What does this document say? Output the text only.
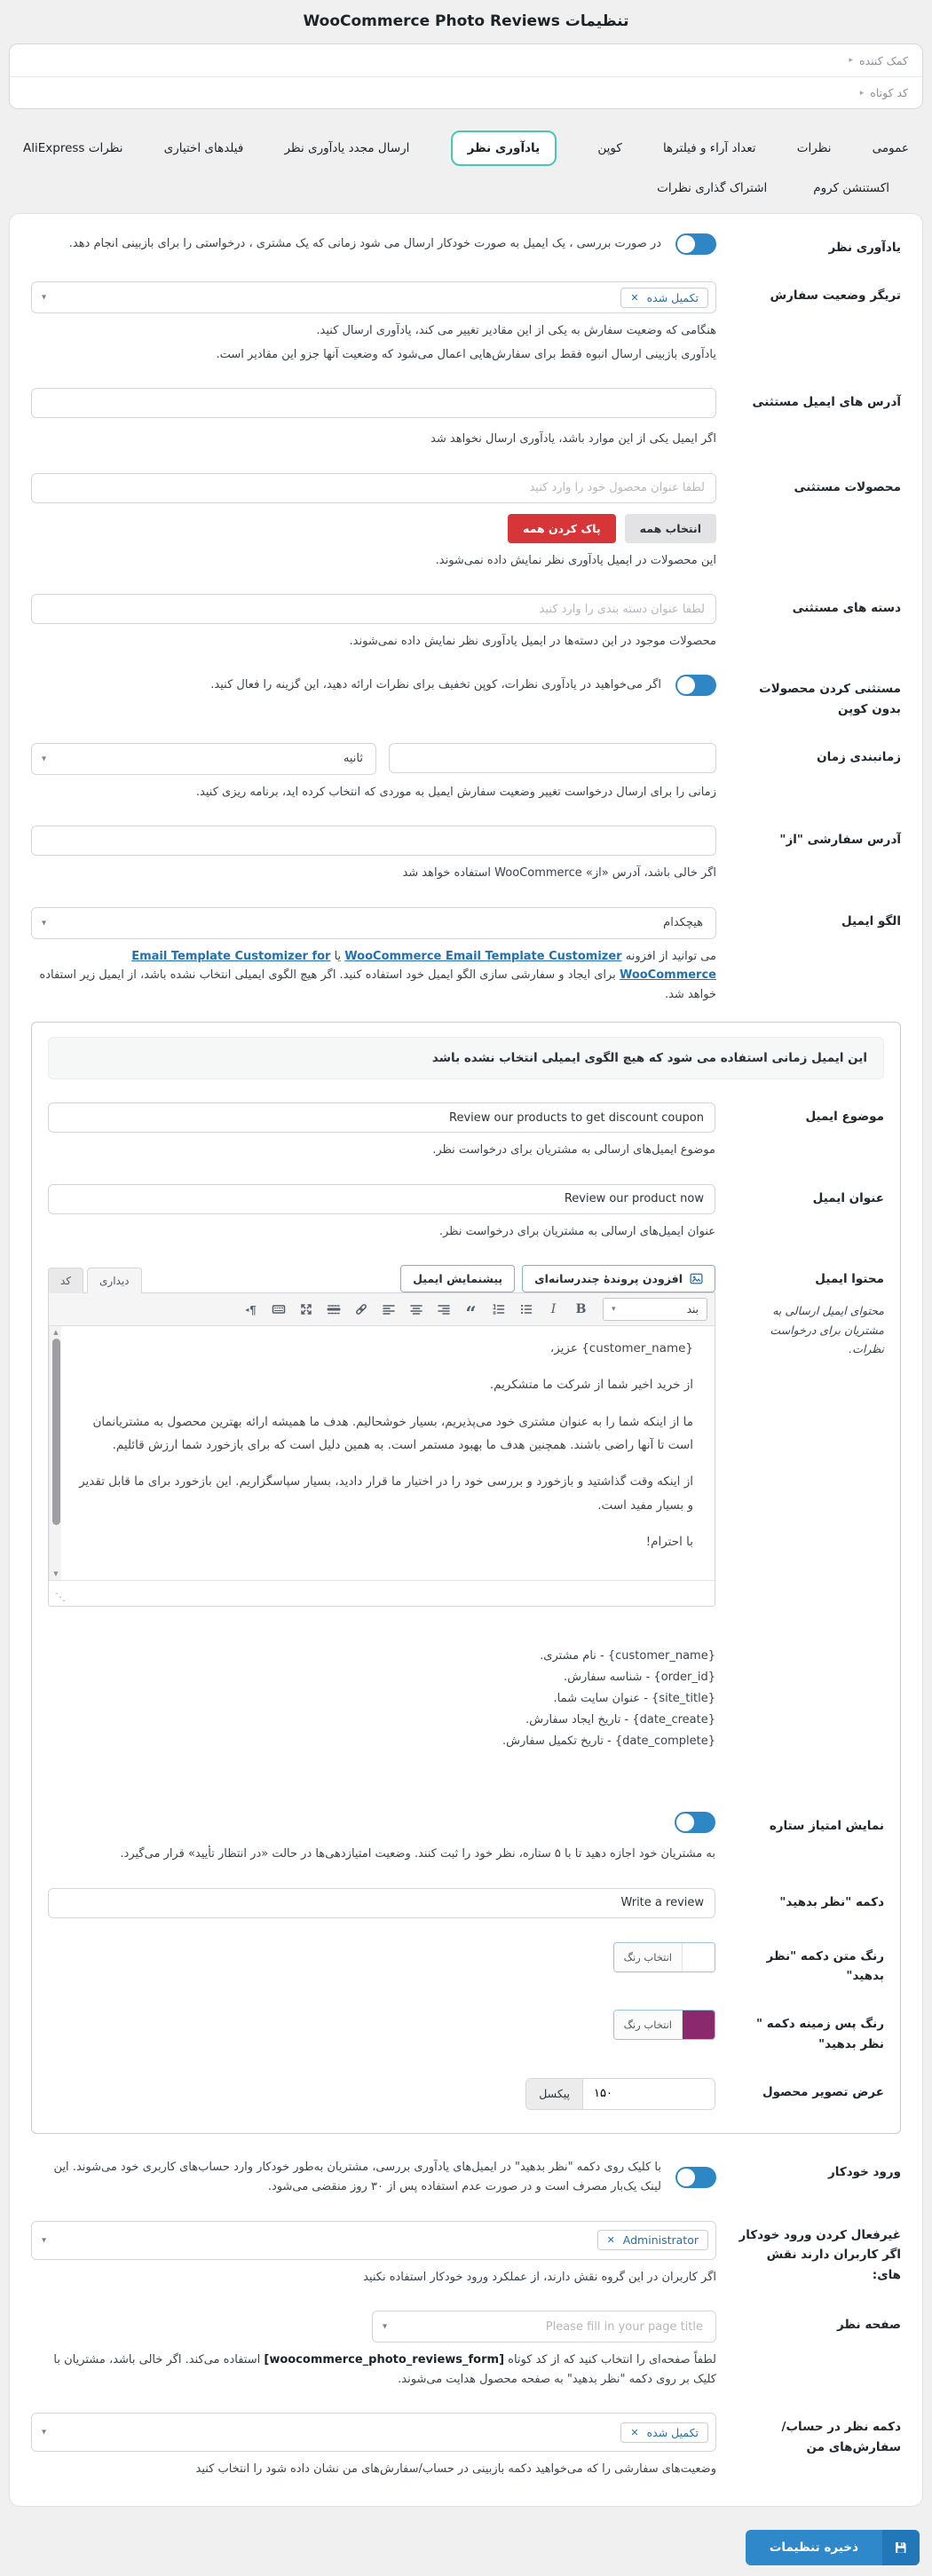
تنظیمات WooCommerce Photo Reviews
کمک کننده
▸
کد کوتاه
▸
عمومی
نظرات
تعداد آراء و فیلترها
کوپن
یادآوری نظر
ارسال مجدد یادآوری نظر
فیلدهای اختیاری
نظرات AliExpress
اکستنشن کروم
اشتراک گذاری نظرات
یادآوری نظر
در صورت بررسی ، یک ایمیل به صورت خودکار ارسال می شود زمانی که یک مشتری ، درخواستی را برای بازبینی انجام دهد.
تریگر وضعیت سفارش
تکمیل شده
✕
▾
هنگامی که وضعیت سفارش به یکی از این مقادیر تغییر می کند، یادآوری ارسال کنید.
یادآوری بازبینی ارسال انبوه فقط برای سفارش‌هایی اعمال می‌شود که وضعیت آنها جزو این مقادیر است.
آدرس های ایمیل مستثنی
اگر ایمیل یکی از این موارد باشد، یادآوری ارسال نخواهد شد
محصولات مستثنی
لطفا عنوان محصول خود را وارد کنید
انتخاب همه
پاک کردن همه
این محصولات در ایمیل یادآوری نظر نمایش داده نمی‌شوند.
دسته های مستثنی
لطفا عنوان دسته بندی را وارد کنید
محصولات موجود در این دسته‌ها در ایمیل یادآوری نظر نمایش داده نمی‌شوند.
مستثنی کردن محصولات بدون کوپن
اگر می‌خواهید در یادآوری نظرات، کوپن تخفیف برای نظرات ارائه دهید، این گزینه را فعال کنید.
زمانبندی زمان
ثانیه
▾
زمانی را برای ارسال درخواست تغییر وضعیت سفارش ایمیل به موردی که انتخاب کرده اید، برنامه ریزی کنید.
آدرس سفارشی "از"
اگر خالی باشد، آدرس «از» WooCommerce استفاده خواهد شد
الگو ایمیل
هیچکدام
▾
می توانید از افزونه WooCommerce Email Template Customizer یا Email Template Customizer for WooCommerce برای ایجاد و سفارشی سازی الگو ایمیل خود استفاده کنید. اگر هیچ الگوی ایمیلی انتخاب نشده باشد، از ایمیل زیر استفاده خواهد شد.
این ایمیل زمانی استفاده می شود که هیچ الگوی ایمیلی انتخاب نشده باشد
موضوع ایمیل
Review our products to get discount coupon
موضوع ایمیل‌های ارسالی به مشتریان برای درخواست نظر.
عنوان ایمیل
Review our product now
عنوان ایمیل‌های ارسالی به مشتریان برای درخواست نظر.
محتوا ایمیل
محتوای ایمیل ارسالی به مشتریان برای درخواست نظرات.
افزودن پروندهٔ چندرسانه‌ای
پیشنمایش ایمیل
دیداری
کد
بند
▾
B
I
“
¶
◂
▲
▼

{customer_name} عزیز،

از خرید اخیر شما از شرکت ما متشکریم.

ما از اینکه شما را به عنوان مشتری خود می‌پذیریم، بسیار خوشحالیم. هدف ما همیشه ارائه بهترین محصول به مشتریانمان است تا آنها راضی باشند. همچنین هدف ما بهبود مستمر است. به همین دلیل است که برای بازخورد شما ارزش قائلیم.

از اینکه وقت گذاشتید و بازخورد و بررسی خود را در اختیار ما قرار دادید، بسیار سپاسگزاریم. این بازخورد برای ما قابل تقدیر و بسیار مفید است.

با احترام!

⋰
{customer_name} - نام مشتری.
{order_id} - شناسه سفارش.
{site_title} - عنوان سایت شما.
{date_create} - تاریخ ایجاد سفارش.
{date_complete} - تاریخ تکمیل سفارش.
نمایش امتیاز ستاره
به مشتریان خود اجازه دهید تا با ۵ ستاره، نظر خود را ثبت کنند. وضعیت امتیازدهی‌ها در حالت «در انتظار تأیید» قرار می‌گیرد.
دکمه "نظر بدهید"
Write a review
رنگ متن دکمه "نظر بدهید"
انتخاب رنگ
رنگ پس زمینه دکمه " نظر بدهید"
انتخاب رنگ
عرض تصویر محصول
۱۵۰
پیکسل
ورود خودکار
با کلیک روی دکمه "نظر بدهید" در ایمیل‌های یادآوری بررسی، مشتریان به‌طور خودکار وارد حساب‌های کاربری خود می‌شوند. این لینک یک‌بار مصرف است و در صورت عدم استفاده پس از ۳۰ روز منقضی می‌شود.
غیرفعال کردن ورود خودکار اگر کاربران دارند نقش های:
Administrator
✕
▾
اگر کاربران در این گروه نقش دارند، از عملکرد ورود خودکار استفاده نکنید
صفحه نظر
Please fill in your page title
▾
لطفاً صفحه‌ای را انتخاب کنید که از کد کوتاه [woocommerce_photo_reviews_form] استفاده می‌کند. اگر خالی باشد، مشتریان با کلیک بر روی دکمه "نظر بدهید" به صفحه محصول هدایت می‌شوند.
دکمه نظر در حساب/سفارش‌های من
تکمیل شده
✕
▾
وضعیت‌های سفارشی را که می‌خواهید دکمه بازبینی در حساب/سفارش‌های من نشان داده شود را انتخاب کنید
ذخیره تنظیمات
